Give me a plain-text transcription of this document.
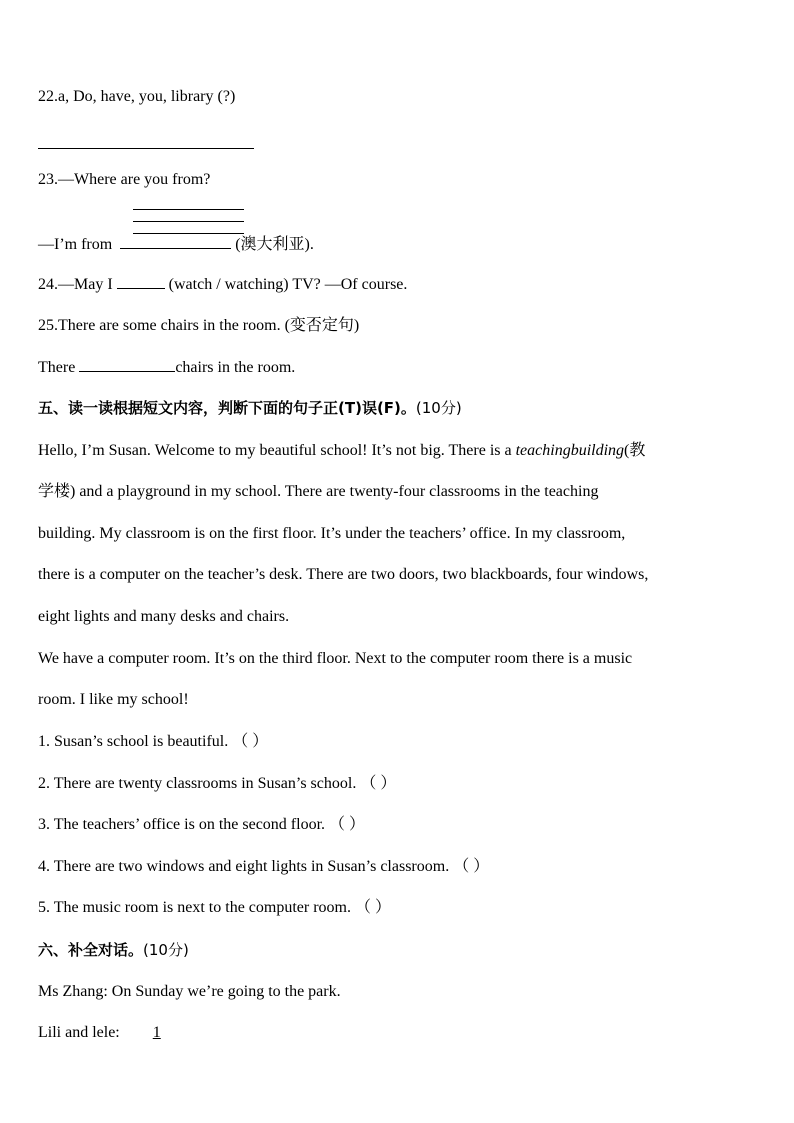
22.a, Do, have, you, library (?)
23.—Where are you from?
—I’m from	(澳大利亚).
24.—May I	(watch / watching) TV? —Of course.
25.There are some chairs in the room. (变否定句)
There	chairs in the room.
五、读一读根据短文内容，判断下面的句子正(T)误(F)。(10分)
Hello, I’m Susan. Welcome to my beautiful school! It’s not big. There is a teachingbuilding(教
学楼) and a playground in my school. There are twenty-four classrooms in the teaching
building. My classroom is on the first floor. It’s under the teachers’ office. In my classroom,
there is a computer on the teacher’s desk. There are two doors, two blackboards, four windows,
eight lights and many desks and chairs.
We have a computer room. It’s on the third floor. Next to the computer room there is a music
room. I like my school!
1. Susan’s school is beautiful. （ ）
2. There are twenty classrooms in Susan’s school. （ ）
3. The teachers’ office is on the second floor. （ ）
4. There are two windows and eight lights in Susan’s classroom. （ ）
5. The music room is next to the computer room. （ ）
六、补全对话。(10分)
Ms Zhang: On Sunday we’re going to the park.
Lili and lele: 1
